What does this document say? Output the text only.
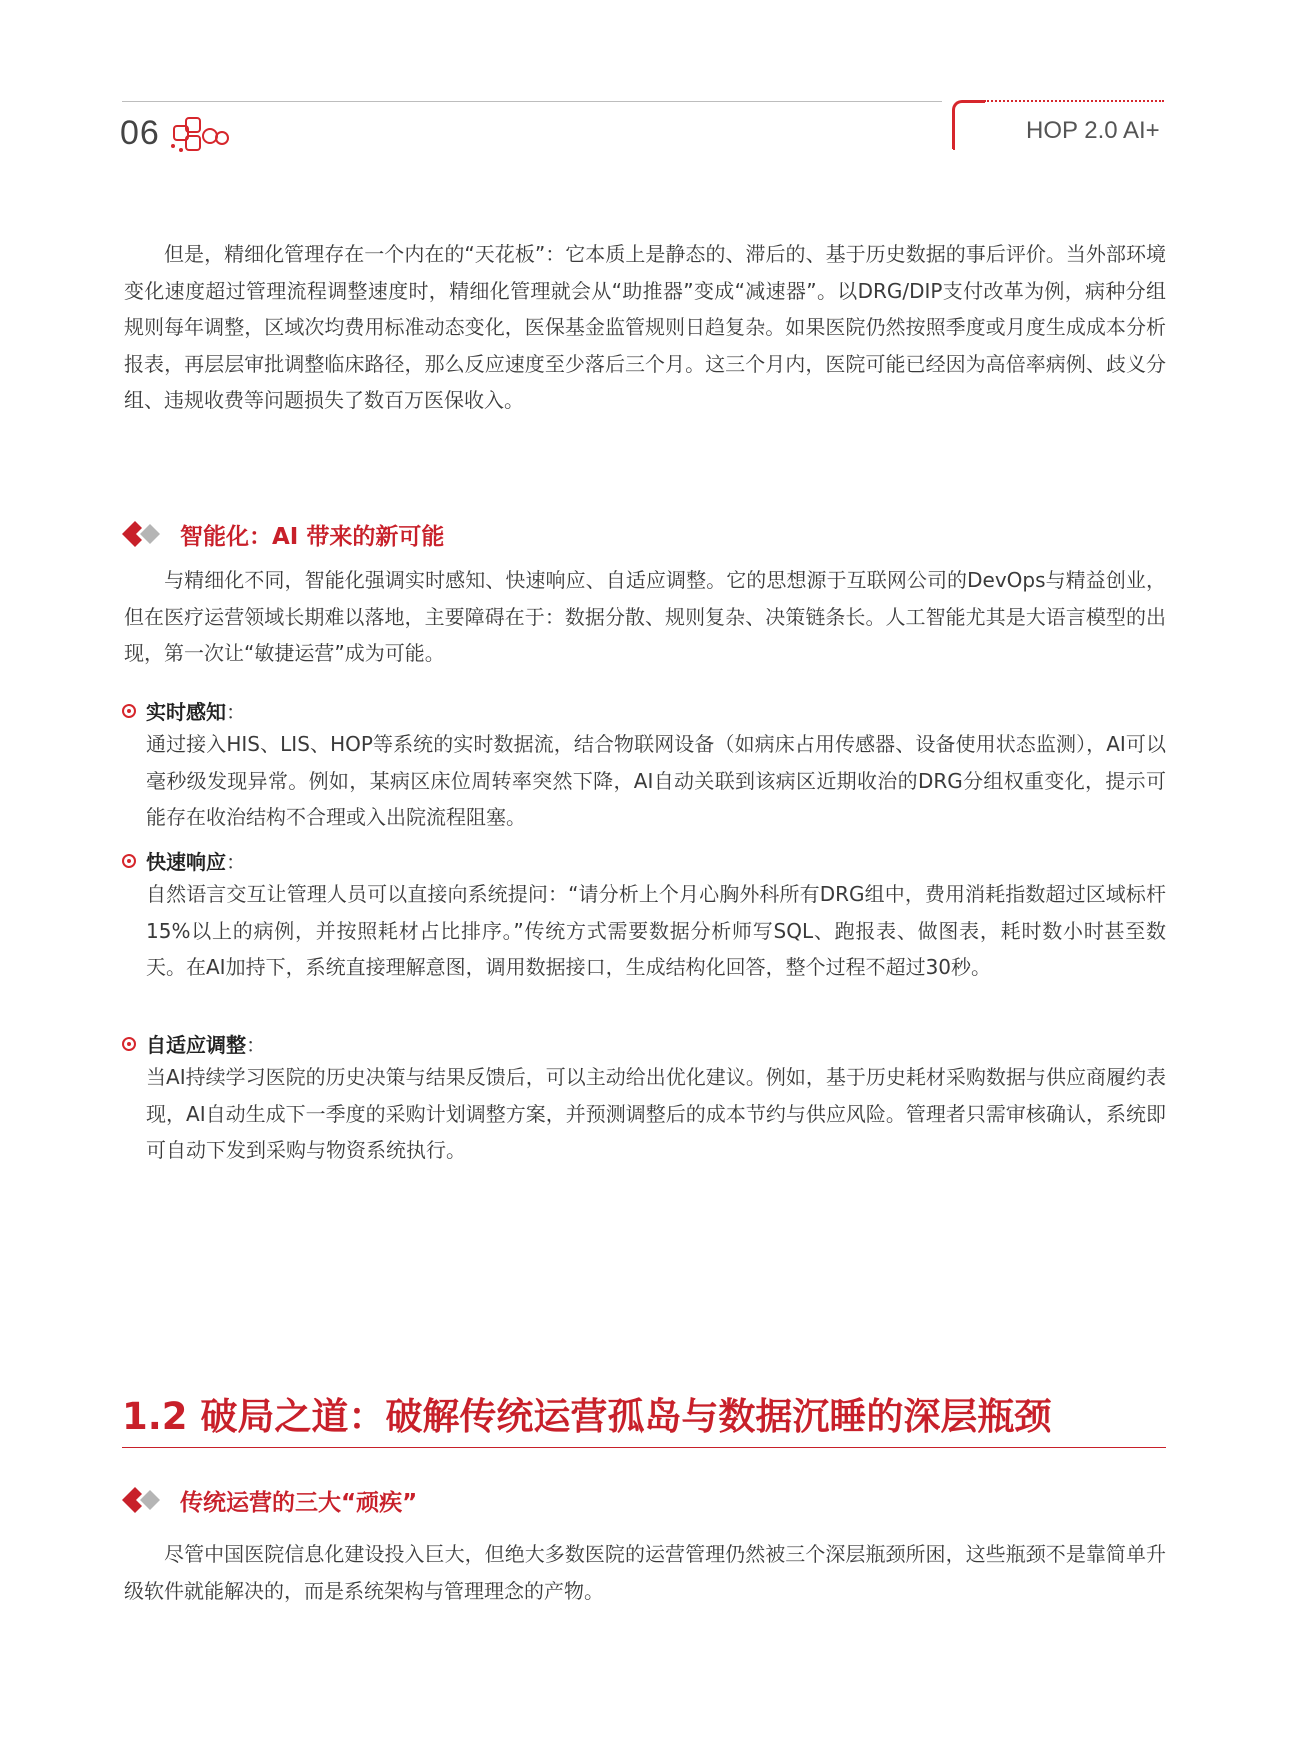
06	HOP 2.0 AI+

但是，精细化管理存在一个内在的“天花板”：它本质上是静态的、滞后的、基于历史数据的事后评价。当外部环境变化速度超过管理流程调整速度时，精细化管理就会从“助推器”变成“减速器”。以DRG/DIP支付改革为例，病种分组规则每年调整，区域次均费用标准动态变化，医保基金监管规则日趋复杂。如果医院仍然按照季度或月度生成成本分析报表，再层层审批调整临床路径，那么反应速度至少落后三个月。这三个月内，医院可能已经因为高倍率病例、歧义分组、违规收费等问题损失了数百万医保收入。

智能化：AI 带来的新可能

与精细化不同，智能化强调实时感知、快速响应、自适应调整。它的思想源于互联网公司的DevOps与精益创业，但在医疗运营领域长期难以落地，主要障碍在于：数据分散、规则复杂、决策链条长。人工智能尤其是大语言模型的出现，第一次让“敏捷运营”成为可能。

实时感知 ：

通过接入HIS、LIS、HOP等系统的实时数据流，结合物联网设备（如病床占用传感器、设备使用状态监测），AI可以毫秒级发现异常。例如，某病区床位周转率突然下降，AI自动关联到该病区近期收治的DRG分组权重变化，提示可能存在收治结构不合理或入出院流程阻塞。

快速响应 ：

自然语言交互让管理人员可以直接向系统提问：“请分析上个月心胸外科所有DRG组中，费用消耗指数超过区域标杆15%以上的病例，并按照耗材占比排序。”传统方式需要数据分析师写SQL、跑报表、做图表，耗时数小时甚至数天。在AI加持下，系统直接理解意图，调用数据接口，生成结构化回答，整个过程不超过30秒。

自适应调整 ：

当AI持续学习医院的历史决策与结果反馈后，可以主动给出优化建议。例如，基于历史耗材采购数据与供应商履约表现，AI自动生成下一季度的采购计划调整方案，并预测调整后的成本节约与供应风险。管理者只需审核确认，系统即可自动下发到采购与物资系统执行。

1.2 破局之道：破解传统运营孤岛与数据沉睡的深层瓶颈
传统运营的三大“顽疾”

尽管中国医院信息化建设投入巨大，但绝大多数医院的运营管理仍然被三个深层瓶颈所困，这些瓶颈不是靠简单升级软件就能解决的，而是系统架构与管理理念的产物。
